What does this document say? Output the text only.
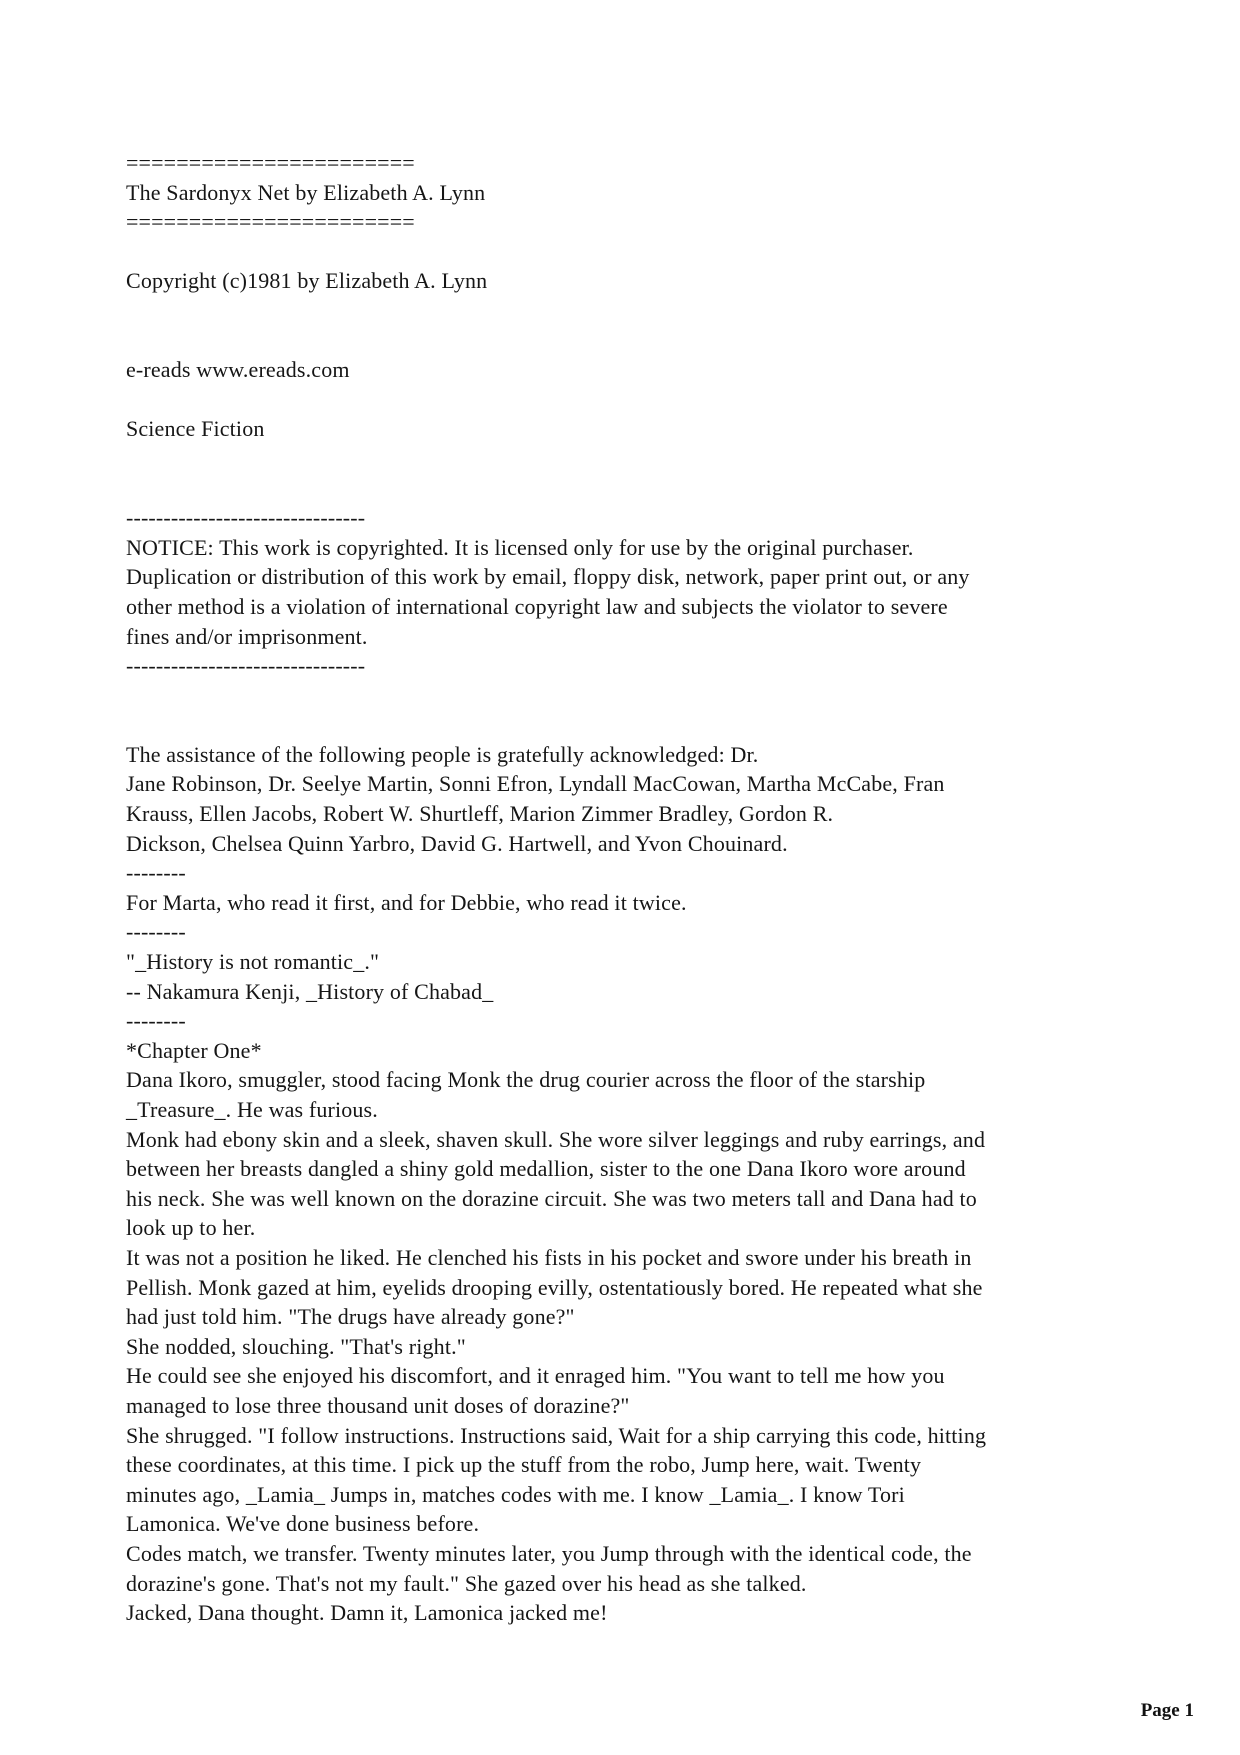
=======================
The Sardonyx Net by Elizabeth A. Lynn
=======================

Copyright (c)1981 by Elizabeth A. Lynn

e-reads www.ereads.com

Science Fiction

--------------------------------
NOTICE: This work is copyrighted. It is licensed only for use by the original purchaser.
Duplication or distribution of this work by email, floppy disk, network, paper print out, or any
other method is a violation of international copyright law and subjects the violator to severe
fines and/or imprisonment.
--------------------------------

The assistance of the following people is gratefully acknowledged: Dr.
Jane Robinson, Dr. Seelye Martin, Sonni Efron, Lyndall MacCowan, Martha McCabe, Fran
Krauss, Ellen Jacobs, Robert W. Shurtleff, Marion Zimmer Bradley, Gordon R.
Dickson, Chelsea Quinn Yarbro, David G. Hartwell, and Yvon Chouinard.
--------
For Marta, who read it first, and for Debbie, who read it twice.
--------
"_History is not romantic_."
-- Nakamura Kenji, _History of Chabad_
--------
*Chapter One*
Dana Ikoro, smuggler, stood facing Monk the drug courier across the floor of the starship
_Treasure_. He was furious.
Monk had ebony skin and a sleek, shaven skull. She wore silver leggings and ruby earrings, and
between her breasts dangled a shiny gold medallion, sister to the one Dana Ikoro wore around
his neck. She was well known on the dorazine circuit. She was two meters tall and Dana had to
look up to her.
It was not a position he liked. He clenched his fists in his pocket and swore under his breath in
Pellish. Monk gazed at him, eyelids drooping evilly, ostentatiously bored. He repeated what she
had just told him. "The drugs have already gone?"
She nodded, slouching. "That's right."
He could see she enjoyed his discomfort, and it enraged him. "You want to tell me how you
managed to lose three thousand unit doses of dorazine?"
She shrugged. "I follow instructions. Instructions said, Wait for a ship carrying this code, hitting
these coordinates, at this time. I pick up the stuff from the robo, Jump here, wait. Twenty
minutes ago, _Lamia_ Jumps in, matches codes with me. I know _Lamia_. I know Tori
Lamonica. We've done business before.
Codes match, we transfer. Twenty minutes later, you Jump through with the identical code, the
dorazine's gone. That's not my fault." She gazed over his head as she talked.
Jacked, Dana thought. Damn it, Lamonica jacked me!
Page 1
